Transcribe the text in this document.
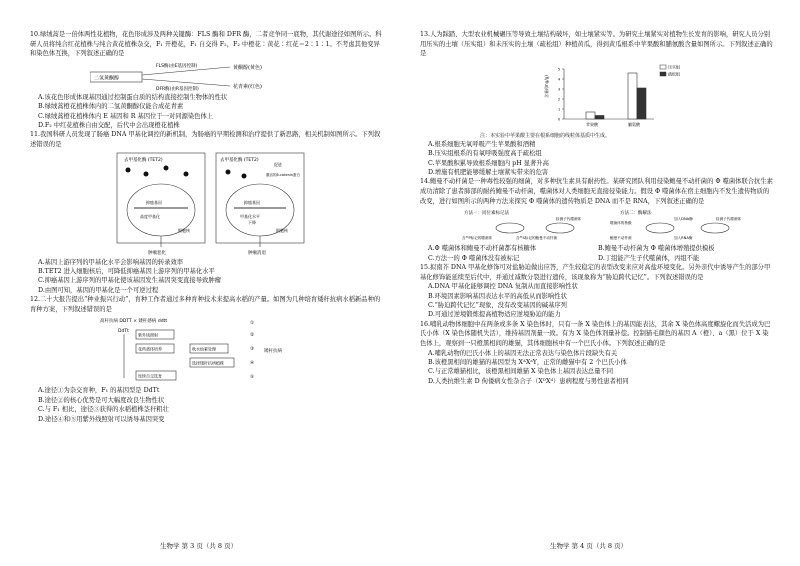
10.绿绒蒿是一倍体两性花植物，花色形成涉及两种关键酶：FLS 酶和 DFR 酶，二者竞争同一底物，其代谢途径如图所示。科研人员将纯合红花植株与纯合黄花植株杂交，F₁ 开橙花，F₁ 自交得 F₂，F₂ 中橙花∶黄花∶红花＝2∶1∶1。不考虑其他变异和染色体互换，下列叙述正确的是

二氢黄酮醇
FLS酶(由E基因控制)
DFR酶(由R基因控制)
黄酮醇(黄色)
花青素(红色)

A.该花色形成体现基因通过控制蛋白质的结构直接控制生物体的性状

B.绿绒蒿橙花植株体内的二氢黄酮醇仅能合成花青素

C.绿绒蒿橙花植株体内 E 基因和 R 基因位于一对同源染色体上

D.F₂ 中红花植株自由交配，后代中会出现橙花植株

11.我国科研人员发现了肠癌 DNA 甲基化调控的新机制，为肠癌的早期检测和治疗提供了新思路，相关机制如图所示。下列叙述错误的是

去甲基化酶 (TET2)
抑癌基因
高度甲基化
细胞核
肿瘤恶化
去甲基化酶 (TET2)
促进
激活的β-catenin蛋白
抑癌基因
甲基化水平
下降
细胞核
肿瘤消退

A.基因上游序列的甲基化水平会影响基因的转录效率

B.TET2 进入细胞核后，可降低抑癌基因上游序列的甲基化水平

C.抑癌基因上游序列的甲基化使该基因发生基因突变直接导致肿瘤

D.由图可知，基因的甲基化是一个可逆过程

12.二十大报告提出“种业振兴行动”，育种工作者通过多种育种技术来提高水稻的产量。如图为几种培育矮秆抗病水稻新品种的育种方案，下列叙述错误的是

高秆抗病 DDTT × 矮秆感病 ddtt
DdTt
紫外线照射
花药离体培养	秋水仙素处理
选择矮秆抗病植株
连续自交选育
①
②
③
④
⑤
矮秆抗病

A.途径①为杂交育种，F₁ 的基因型是 DdTt

B.途径②的核心优势是可大幅度改良生物性状

C.与 F₁ 相比，途径③获得的水稻植株茎秆粗壮

D.途径④和⑤用紫外线照射可以诱导基因突变

生物学 第 3 页（共 8 页）

13.人为踩踏、大型农业机械碾压等导致土壤结构破坏，如土壤紧实等。为研究土壤紧实对植物生长发育的影响，研究人员分别用压实的土壤（压实组）和未压实的土壤（疏松组）种植黄瓜，得到黄瓜根系中苹果酸和脯氨酸含量如图所示。下列叙述正确的是

含量/(mg/g)
0
1
2
3
4
5
苹果酸	脯氨酸
压实组
疏松组

注：本实验中苹果酸主要在根系细胞的线粒体基质中生成。

A.根系细胞无氧呼吸产生苹果酸和酒精

B.压实组根系的有氧呼吸强度高于疏松组

C.苹果酸积累导致根系细胞内 pH 显著升高

D.增施有机肥能够缓解土壤紧实带来的危害

14.鲍曼不动杆菌是一种毒性较强的细菌，对多种抗生素具有耐药性。某研究团队利用侵染鲍曼不动杆菌的 Φ 噬菌体联合抗生素成功清除了患者肺部的耐药鲍曼不动杆菌，噬菌体对人类细胞无直接侵染能力。假设 Φ 噬菌体在宿主细胞内不发生遗传物质的改变，进行如图所示的两种方法来探究 Φ 噬菌体的遗传物质是 DNA 而不是 RNA，下列叙述正确的是

方法一：同位素标记法
含³²P标记的噬菌体	含³⁵S标记的鲍曼不动杆菌
检测子代噬菌体
方法二：酶解法
噬菌体的核酸
加入DNA酶
加入RNA酶
鲍曼不动杆菌
检测子代噬菌体

A.Φ 噬菌体和鲍曼不动杆菌都有核糖体	B.鲍曼不动杆菌为 Φ 噬菌体增殖提供模板

C.方法一的 Φ 噬菌体没有被标记	D.丁组能产生子代噬菌体，丙组不能

15.拟南芥 DNA 甲基化修饰可对盐胁迫做出应答，产生较稳定的表型改变来应对高盐环境变化。另外亲代中诱导产生的部分甲基化修饰能延续至后代中，并通过减数分裂进行遗传，该现象称为“胁迫跨代记忆”。下列叙述错误的是

A.DNA 甲基化能够调控 DNA 复制从而直接影响性状

B.环境因素影响基因表达水平的高低从而影响性状

C.“胁迫跨代记忆”现象，没有改变基因的碱基序列

D.可通过逆境锻炼提高植物适应逆境胁迫的能力

16.哺乳动物体细胞中在两条或多条 X 染色体时，只有一条 X 染色体上的基因能表达，其余 X 染色体高度螺旋化而失活成为巴氏小体（X 染色体随机失活），维持基因剂量一致。有为 X 染色体剂量补偿。控制猫毛颜色的基因 A（橙）、a（黑）位于 X 染色体上，观察到一只橙黑相间的雄猫，其体细胞核中有一个巴氏小体。下列叙述正确的是

A.哺乳动物的巴氏小体上的基因无法正常表达与染色体片段缺失有关

B.该橙黑相间的雄猫的基因型为 XᴬXᵃY，正常的雌猫中有 2 个巴氏小体

C.与正常雄猫相比，该橙黑相间雄猫 X 染色体上基因表达总量不同

D.人类抗维生素 D 佝偻病女性杂合子（XᴰXᵈ）患病程度与男性患者相同

生物学 第 4 页（共 8 页）
